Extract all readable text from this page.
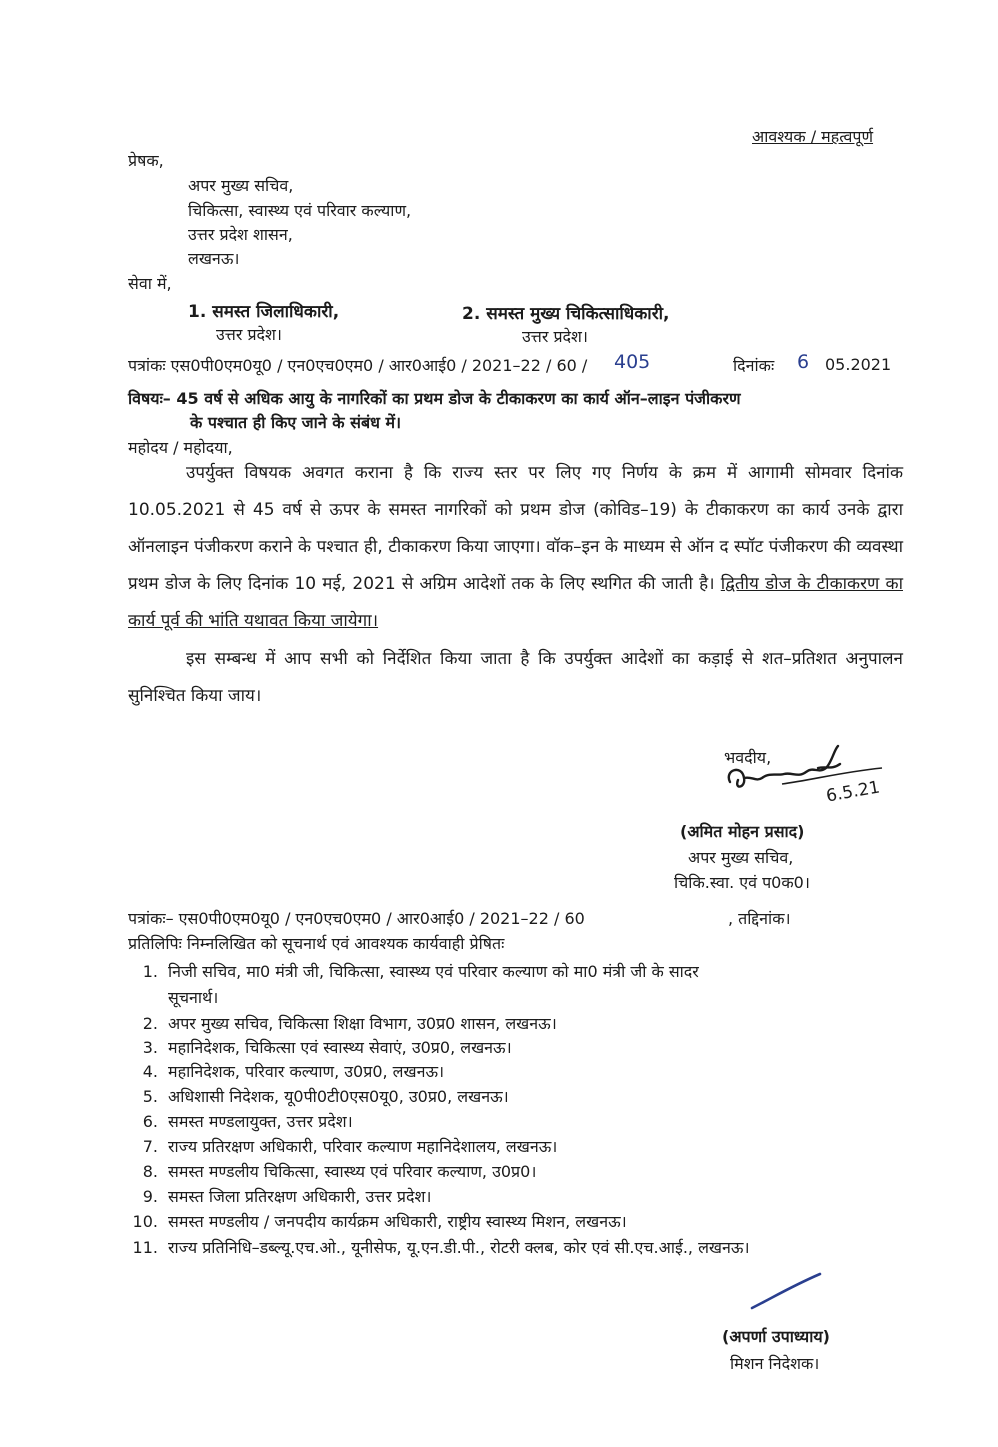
आवश्यक / महत्वपूर्ण
प्रेषक,
अपर मुख्य सचिव,
चिकित्सा, स्वास्थ्य एवं परिवार कल्याण,
उत्तर प्रदेश शासन,
लखनऊ।
सेवा में,
1. समस्त जिलाधिकारी,
उत्तर प्रदेश।
2. समस्त मुख्य चिकित्साधिकारी,
उत्तर प्रदेश।
पत्रांकः एस0पी0एम0यू0 / एन0एच0एम0 / आर0आई0 / 2021–22 / 60 / 405	दिनांकः 6 05.2021
विषयः– 45 वर्ष से अधिक आयु के नागरिकों का प्रथम डोज के टीकाकरण का कार्य ऑन–लाइन पंजीकरण
के पश्चात ही किए जाने के संबंध में।
महोदय / महोदया,
उपर्युक्त विषयक अवगत कराना है कि राज्य स्तर पर लिए गए निर्णय के क्रम में आगामी सोमवार दिनांक 10.05.2021 से 45 वर्ष से ऊपर के समस्त नागरिकों को प्रथम डोज (कोविड–19) के टीकाकरण का कार्य उनके द्वारा ऑनलाइन पंजीकरण कराने के पश्चात ही, टीकाकरण किया जाएगा। वॉक–इन के माध्यम से ऑन द स्पॉट पंजीकरण की व्यवस्था प्रथम डोज के लिए दिनांक 10 मई, 2021 से अग्रिम आदेशों तक के लिए स्थगित की जाती है। द्वितीय डोज के टीकाकरण का कार्य पूर्व की भांति यथावत किया जायेगा।
इस सम्बन्ध में आप सभी को निर्देशित किया जाता है कि उपर्युक्त आदेशों का कड़ाई से शत–प्रतिशत अनुपालन सुनिश्चित किया जाय।
भवदीय,
6.5.21
(अमित मोहन प्रसाद)
अपर मुख्य सचिव,
चिकि.स्वा. एवं प0क0।
पत्रांकः– एस0पी0एम0यू0 / एन0एच0एम0 / आर0आई0 / 2021–22 / 60	, तद्दिनांक।
प्रतिलिपिः निम्नलिखित को सूचनार्थ एवं आवश्यक कार्यवाही प्रेषितः
1. निजी सचिव, मा0 मंत्री जी, चिकित्सा, स्वास्थ्य एवं परिवार कल्याण को मा0 मंत्री जी के सादर
सूचनार्थ।
2. अपर मुख्य सचिव, चिकित्सा शिक्षा विभाग, उ0प्र0 शासन, लखनऊ।
3. महानिदेशक, चिकित्सा एवं स्वास्थ्य सेवाएं, उ0प्र0, लखनऊ।
4. महानिदेशक, परिवार कल्याण, उ0प्र0, लखनऊ।
5. अधिशासी निदेशक, यू0पी0टी0एस0यू0, उ0प्र0, लखनऊ।
6. समस्त मण्डलायुक्त, उत्तर प्रदेश।
7. राज्य प्रतिरक्षण अधिकारी, परिवार कल्याण महानिदेशालय, लखनऊ।
8. समस्त मण्डलीय चिकित्सा, स्वास्थ्य एवं परिवार कल्याण, उ0प्र0।
9. समस्त जिला प्रतिरक्षण अधिकारी, उत्तर प्रदेश।
10. समस्त मण्डलीय / जनपदीय कार्यक्रम अधिकारी, राष्ट्रीय स्वास्थ्य मिशन, लखनऊ।
11. राज्य प्रतिनिधि–डब्ल्यू.एच.ओ., यूनीसेफ, यू.एन.डी.पी., रोटरी क्लब, कोर एवं सी.एच.आई., लखनऊ।
(अपर्णा उपाध्याय)
मिशन निदेशक।
